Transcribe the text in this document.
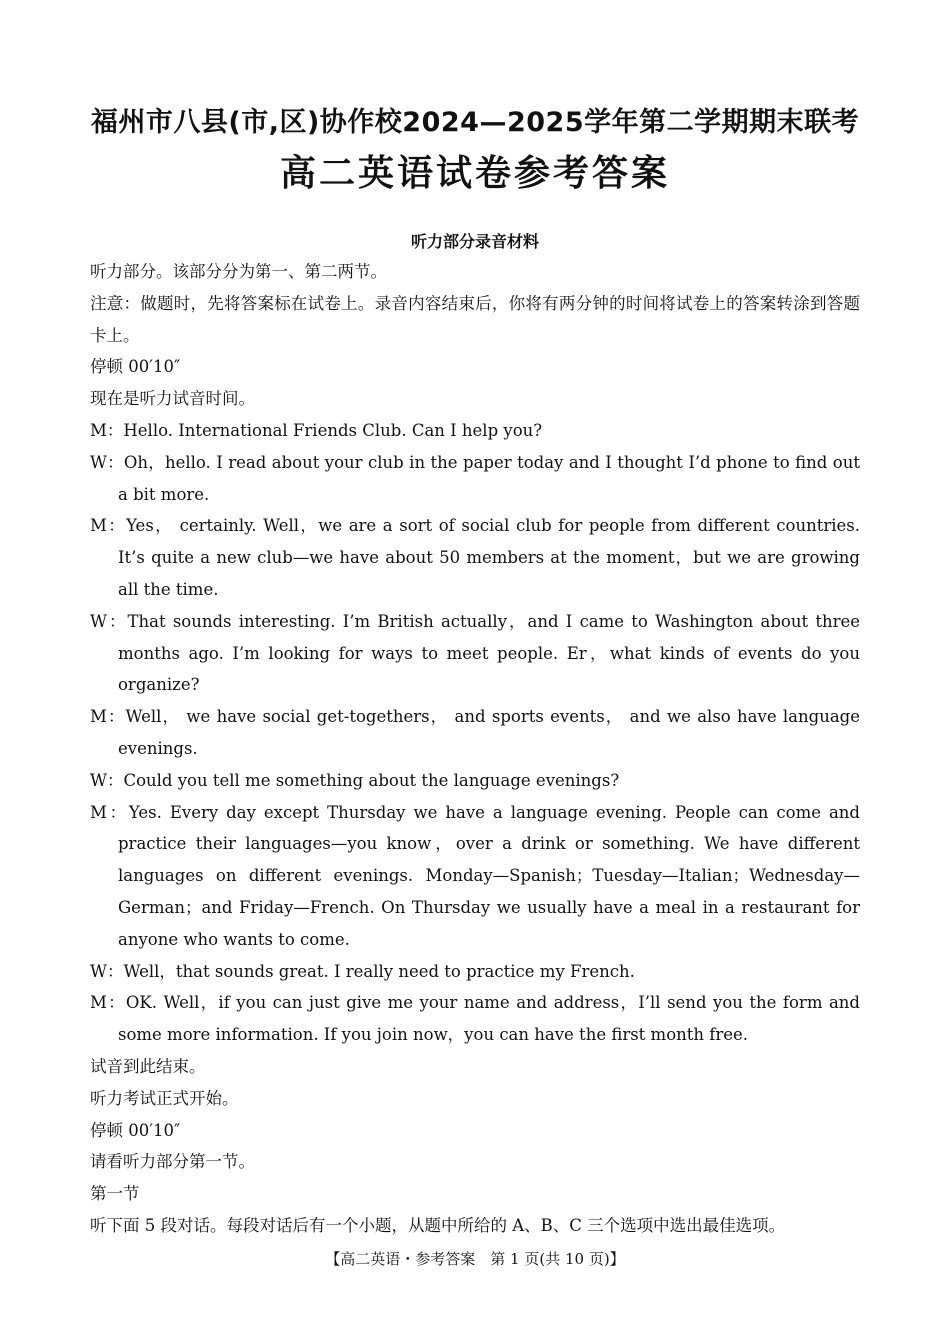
福州市八县(市,区)协作校2024—2025学年第二学期期末联考
高二英语试卷参考答案
听力部分录音材料

听力部分。该部分分为第一、第二两节。

注意：做题时，先将答案标在试卷上。录音内容结束后，你将有两分钟的时间将试卷上的答案转涂到答题卡上。

停顿 00′10″

现在是听力试音时间。

M：Hello. International Friends Club. Can I help you?

W：Oh，hello. I read about your club in the paper today and I thought I’d phone to find out a bit more.

M：Yes， certainly. Well，we are a sort of social club for people from different countries. It’s quite a new club—we have about 50 members at the moment，but we are growing all the time.

W：That sounds interesting. I’m British actually，and I came to Washington about three months ago. I’m looking for ways to meet people. Er，what kinds of events do you organize?

M：Well， we have social get-togethers， and sports events， and we also have language evenings.

W：Could you tell me something about the language evenings?

M：Yes. Every day except Thursday we have a language evening. People can come and practice their languages—you know，over a drink or something. We have different languages on different evenings. Monday—Spanish；Tuesday—Italian；Wednesday—German；and Friday—French. On Thursday we usually have a meal in a restaurant for anyone who wants to come.

W：Well，that sounds great. I really need to practice my French.

M：OK. Well，if you can just give me your name and address，I’ll send you the form and some more information. If you join now，you can have the first month free.

试音到此结束。

听力考试正式开始。

停顿 00′10″

请看听力部分第一节。

第一节

听下面 5 段对话。每段对话后有一个小题，从题中所给的 A、B、C 三个选项中选出最佳选项。

【高二英语・参考答案　第 1 页(共 10 页)】
